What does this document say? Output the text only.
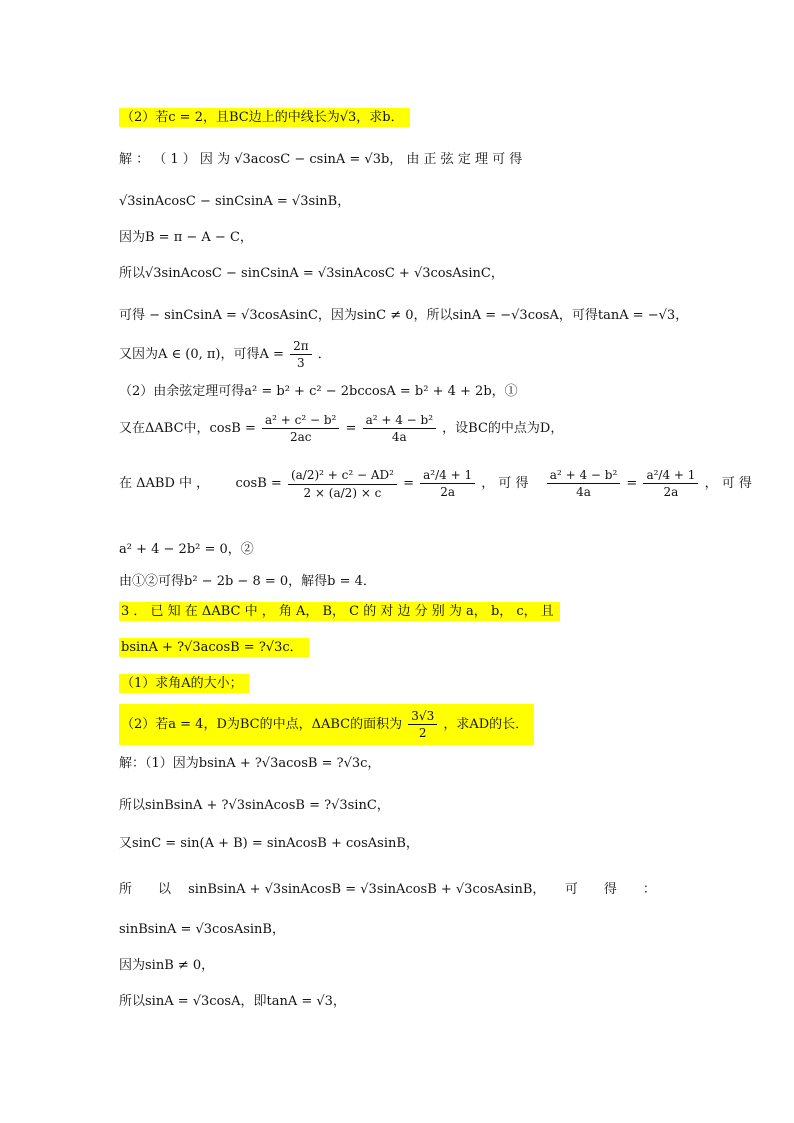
（2）若c = 2，且BC边上的中线长为√3，求b．
解 ： （ 1 ） 因 为 √3acosC − csinA = √3b， 由 正 弦 定 理 可 得
√3sinAcosC − sinCsinA = √3sinB，
因为B = π − A − C，
所以√3sinAcosC − sinCsinA = √3sinAcosC + √3cosAsinC，
可得 − sinCsinA = √3cosAsinC，因为sinC ≠ 0，所以sinA = −√3cosA，可得tanA = −√3，
又因为A ∈ (0, π)，可得$A = \frac{2\pi}{3}$ ．
（2）由余弦定理可得a² = b² + c² − 2bccosA = b² + 4 + 2b，①
又在ΔABC中，$\cos B = \frac{\text{a² + c² − b²}}{2ac} = \frac{\text{a² + 4 − b²}}{4a}$ ，设BC的中点为D，
在 ΔABD 中 ， $\cos B = \frac{\text{(a/2)² + c² − AD²}}{2 \times (a/2) \times c} = \frac{\text{a²/4 + 1}}{2a}$ ， 可 得 $\frac{\text{a² + 4 − b²}}{4a} = \frac{\text{a²/4 + 1}}{2a}$ ， 可 得
a² + 4 − 2b² = 0，②
由①②可得b² − 2b − 8 = 0，解得b = 4．
3 ． 已 知 在 ΔABC 中 ， 角 A， B， C 的 对 边 分 别 为 a， b， c， 且
bsinA + ?√3acosB = ?√3c．
（1）求角A的大小；
（2）若a = 4，D为BC的中点，ΔABC的面积为 $\frac{3√3}{2}$ ，求AD的长．
解：（1）因为bsinA + ?√3acosB = ?√3c，
所以sinBsinA + ?√3sinAcosB = ?√3sinC，
又sinC = sin(A + B) = sinAcosB + cosAsinB，
所　　以　 sinBsinA + √3sinAcosB = √3sinAcosB + √3cosAsinB，　　可　　得　　：
sinBsinA = √3cosAsinB，
因为sinB ≠ 0，
所以sinA = √3cosA，即tanA = √3，
